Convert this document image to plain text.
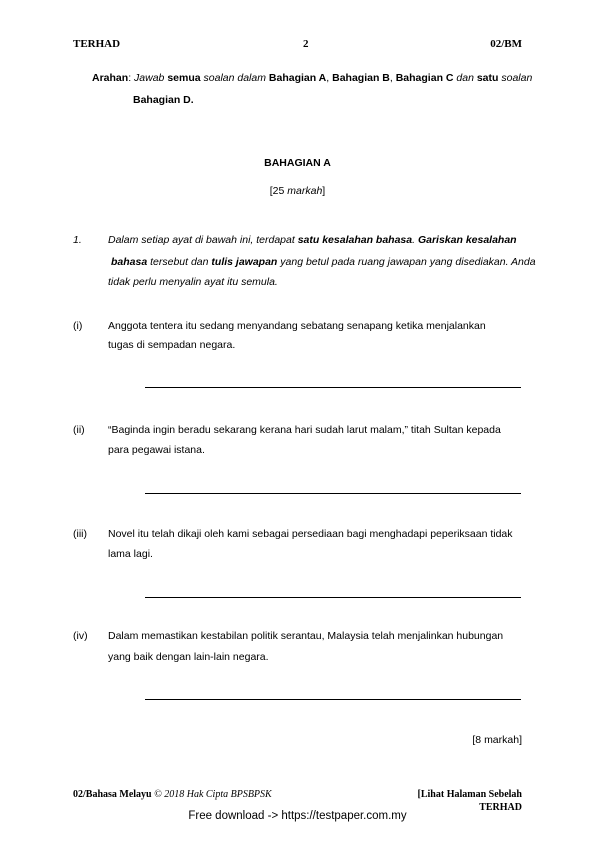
TERHAD	2	02/BM
Arahan: Jawab semua soalan dalam Bahagian A, Bahagian B, Bahagian C dan satu soalan
Bahagian D.
BAHAGIAN A
[25 markah]
1. Dalam setiap ayat di bawah ini, terdapat satu kesalahan bahasa. Gariskan kesalahan
bahasa tersebut dan tulis jawapan yang betul pada ruang jawapan yang disediakan. Anda
tidak perlu menyalin ayat itu semula.
(i) Anggota tentera itu sedang menyandang sebatang senapang ketika menjalankan
tugas di sempadan negara.
(ii) “Baginda ingin beradu sekarang kerana hari sudah larut malam,” titah Sultan kepada
para pegawai istana.
(iii) Novel itu telah dikaji oleh kami sebagai persediaan bagi menghadapi peperiksaan tidak
lama lagi.
(iv) Dalam memastikan kestabilan politik serantau, Malaysia telah menjalinkan hubungan
yang baik dengan lain-lain negara.
[8 markah]
02/Bahasa Melayu © 2018 Hak Cipta BPSBPSK	[Lihat Halaman Sebelah
TERHAD
Free download -> https://testpaper.com.my
